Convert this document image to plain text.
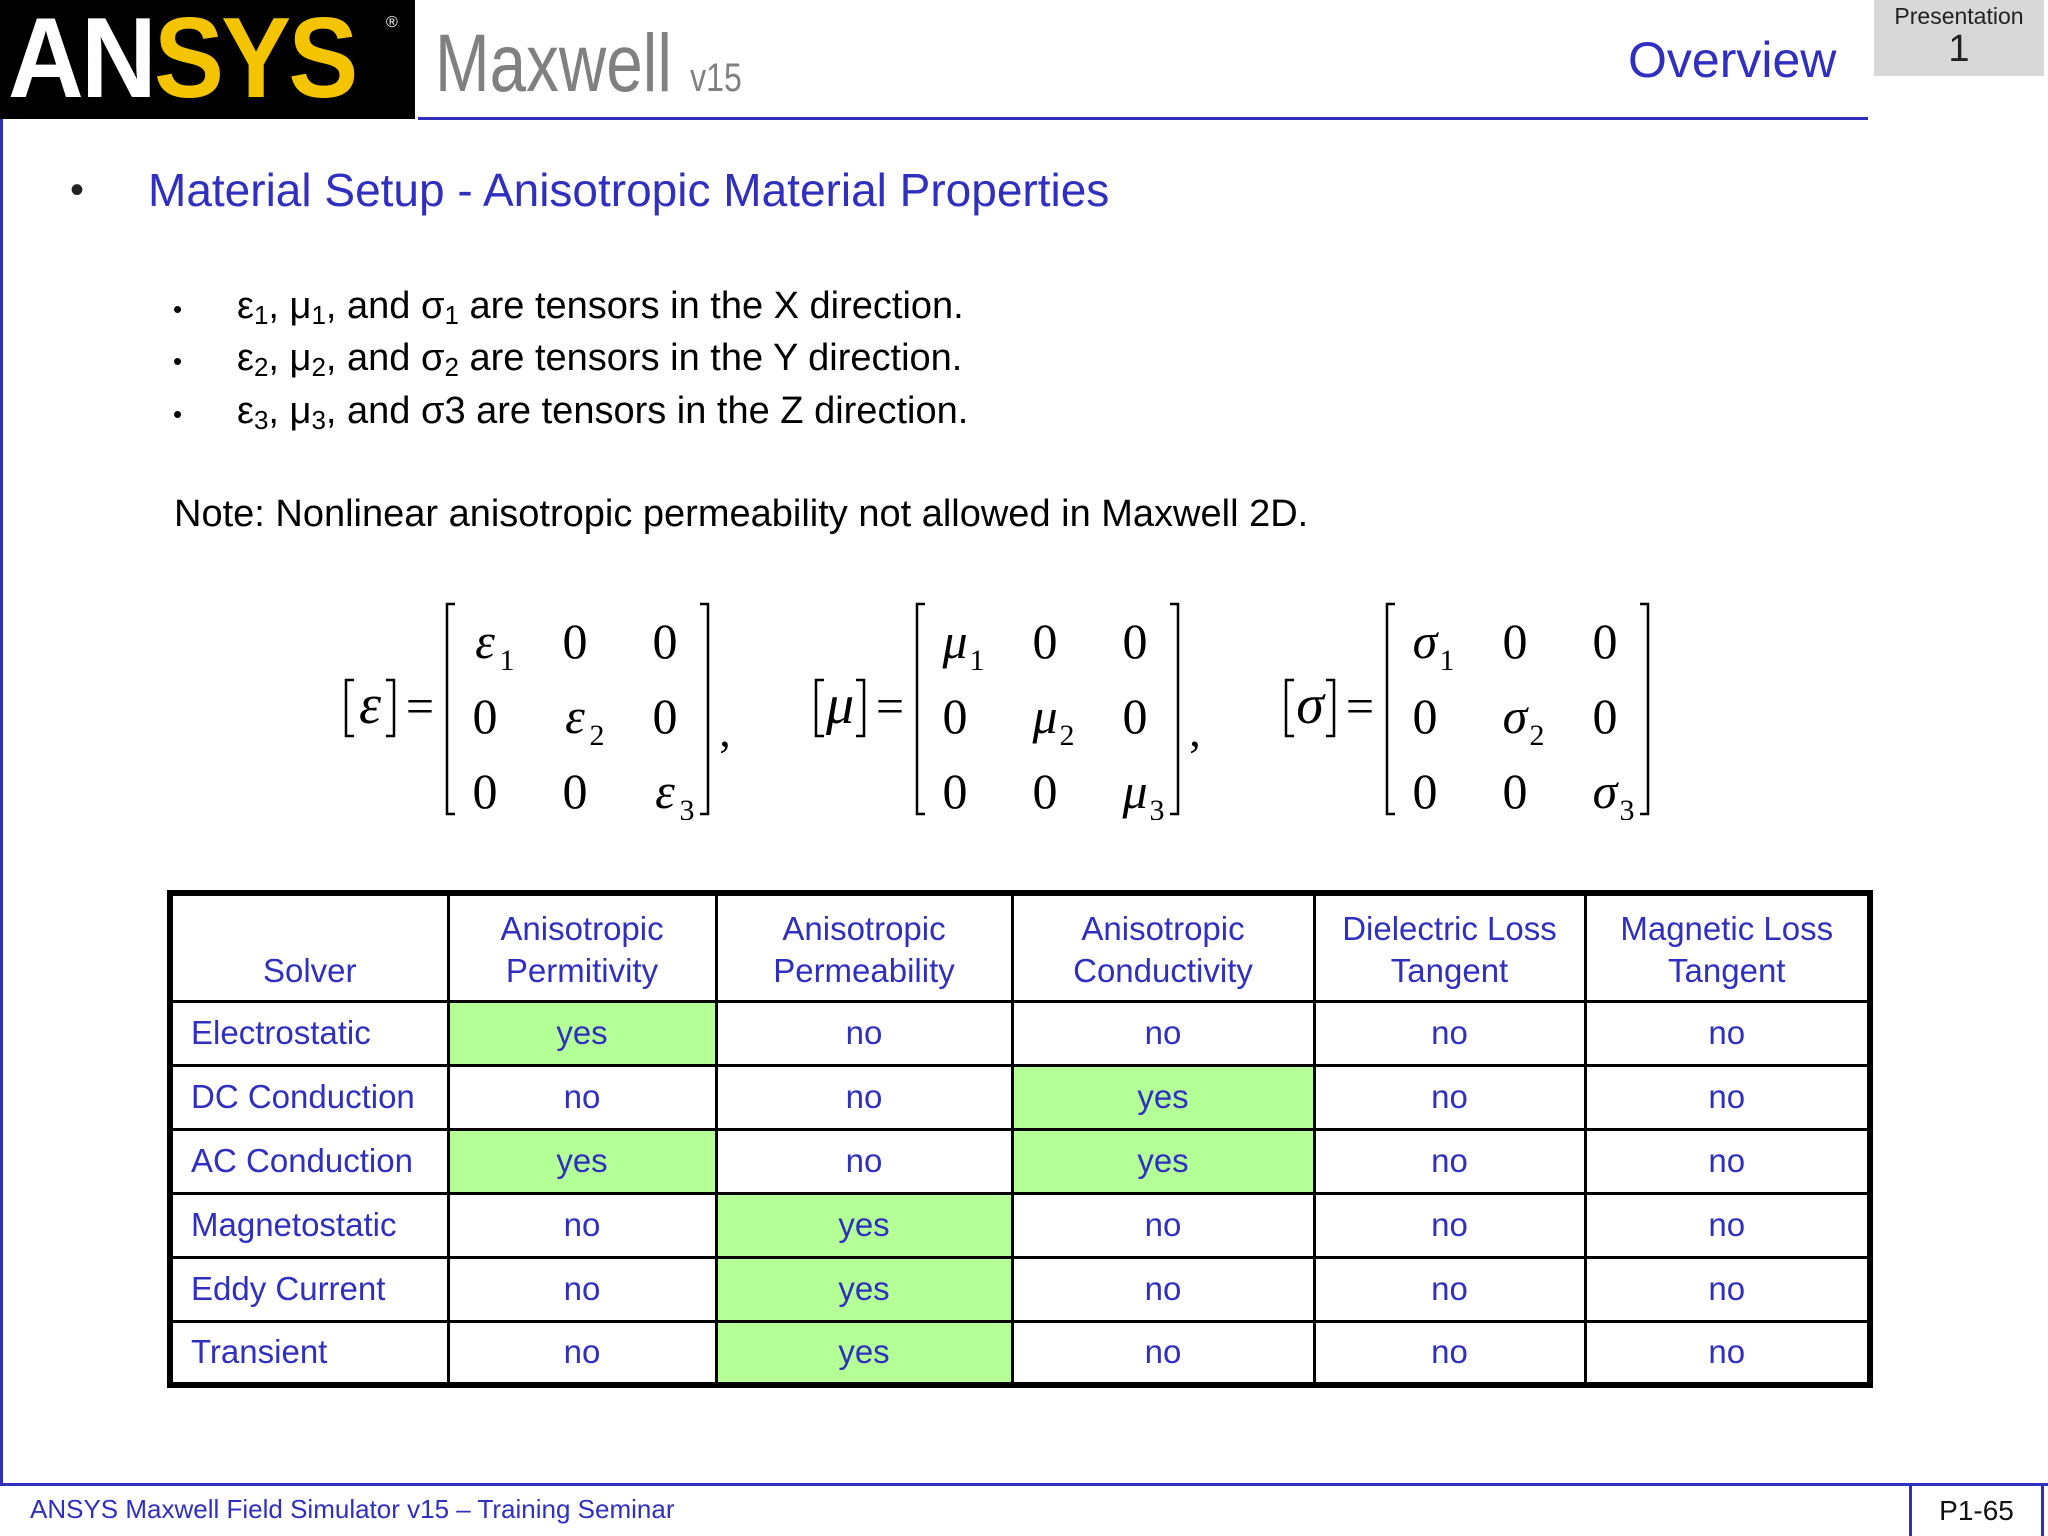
ANSYS ® Maxwell v15	Overview
Presentation
1
• Material Setup - Anisotropic Material Properties
• $\varepsilon_1$, $\mu_1$, and $\sigma_1$ are tensors in the X direction.
• $\varepsilon_2$, $\mu_2$, and $\sigma_2$ are tensors in the Y direction.
• $\varepsilon_3$, $\mu_3$, and σ3 are tensors in the Z direction.
Note: Nonlinear anisotropic permeability not allowed in Maxwell 2D.
ε =
ε 1 0 0
0 ε 2 0
0 0 ε 3
, μ =
μ 1 0 0
0 μ 2 0
0 0 μ 3
, σ =
σ 1 0 0
0 σ 2 0
0 0 σ 3
Solver	Anisotropic Permitivity	Anisotropic Permeability	Anisotropic Conductivity	Dielectric Loss Tangent	Magnetic Loss Tangent
Electrostatic	yes	no	no	no	no
DC Conduction	no	no	yes	no	no
AC Conduction	yes	no	yes	no	no
Magnetostatic	no	yes	no	no	no
Eddy Current	no	yes	no	no	no
Transient	no	yes	no	no	no
ANSYS Maxwell Field Simulator v15 – Training Seminar	P1-65
